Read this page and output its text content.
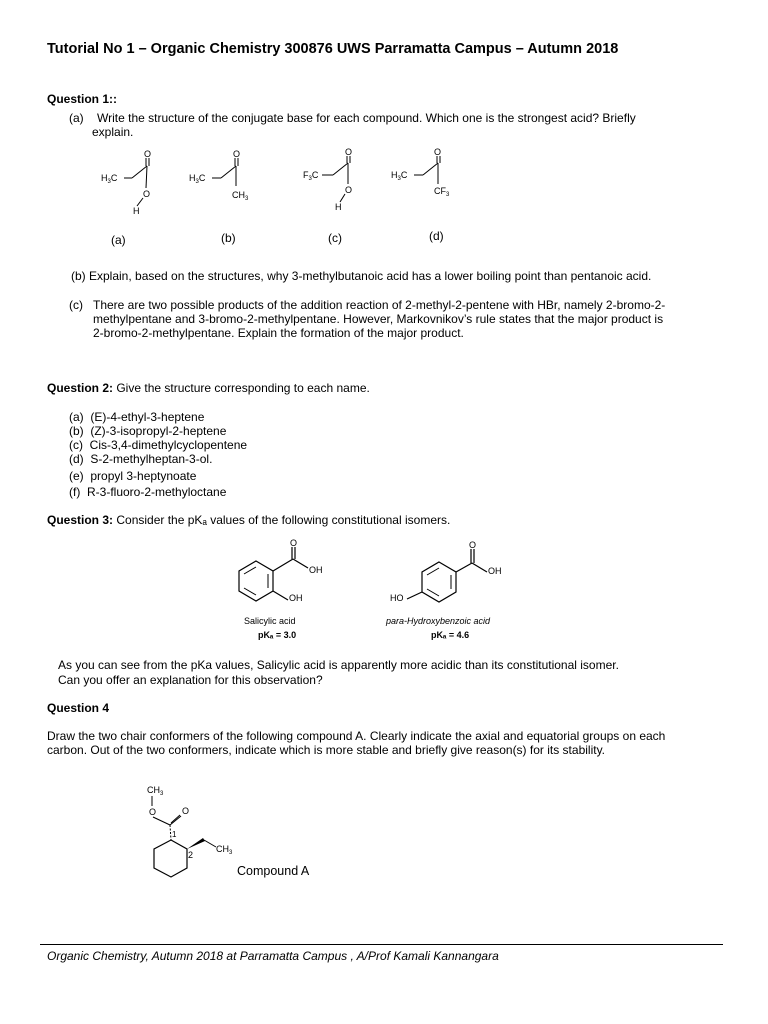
Tutorial No 1 – Organic Chemistry 300876 UWS Parramatta Campus – Autumn 2018
Question 1::
(a) Write the structure of the conjugate base for each compound. Which one is the strongest acid? Briefly
explain.
$H_3C$
O
O
H
$H_3C$
O
$CH_3$
$F_3C$
O
O
H
$H_3C$
O
$CF_3$
(a)	(b)	(c)	(d)
(b) Explain, based on the structures, why 3-methylbutanoic acid has a lower boiling point than pentanoic acid.
(c) There are two possible products of the addition reaction of 2-methyl-2-pentene with HBr, namely 2-bromo-2-
methylpentane and 3-bromo-2-methylpentane. However, Markovnikov’s rule states that the major product is
2-bromo-2-methylpentane. Explain the formation of the major product.
Question 2: Give the structure corresponding to each name.
(a) (E)-4-ethyl-3-heptene
(b) (Z)-3-isopropyl-2-heptene
(c) Cis-3,4-dimethylcyclopentene
(d) S-2-methylheptan-3-ol.
(e) propyl 3-heptynoate
(f) R-3-fluoro-2-methyloctane
Question 3: Consider the pKₐ values of the following constitutional isomers.
O
OH
OH
Salicylic acid
pKₐ = 3.0
O
OH
HO
para-Hydroxybenzoic acid
pKₐ = 4.6
As you can see from the pKa values, Salicylic acid is apparently more acidic than its constitutional isomer.
Can you offer an explanation for this observation?
Question 4
Draw the two chair conformers of the following compound A. Clearly indicate the axial and equatorial groups on each
carbon. Out of the two conformers, indicate which is more stable and briefly give reason(s) for its stability.
$CH_3$
O	O
1
2
$CH_3$
Compound A
Organic Chemistry, Autumn 2018 at Parramatta Campus , A/Prof Kamali Kannangara
